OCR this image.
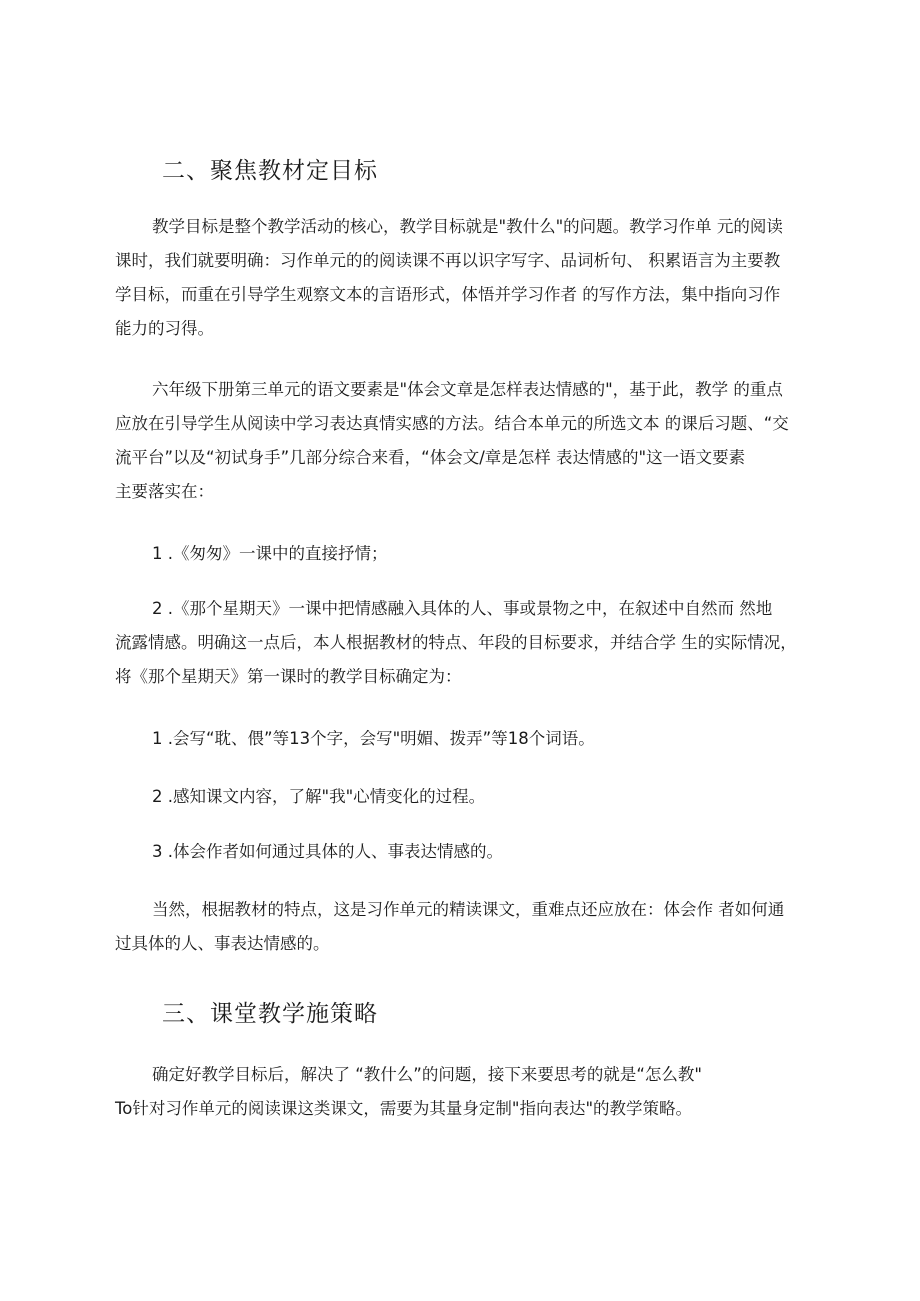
二、聚焦教材定目标
教学目标是整个教学活动的核心，教学目标就是"教什么"的问题。教学习作单 元的阅读
课时，我们就要明确：习作单元的的阅读课不再以识字写字、品词析句、 积累语言为主要教
学目标，而重在引导学生观察文本的言语形式，体悟并学习作者 的写作方法，集中指向习作
能力的习得。
六年级下册第三单元的语文要素是"体会文章是怎样表达情感的"，基于此，教学 的重点
应放在引导学生从阅读中学习表达真情实感的方法。结合本单元的所选文本 的课后习题、“交
流平台”以及“初试身手”几部分综合来看，“体会文/章是怎样 表达情感的"这一语文要素
主要落实在：
1 .《匆匆》一课中的直接抒情；
2 .《那个星期天》一课中把情感融入具体的人、事或景物之中，在叙述中自然而 然地
流露情感。明确这一点后，本人根据教材的特点、年段的目标要求，并结合学 生的实际情况，
将《那个星期天》第一课时的教学目标确定为：
1 .会写“耽、偎”等13个字，会写"明媚、拨弄”等18个词语。
2 .感知课文内容，了解"我"心情变化的过程。
3 .体会作者如何通过具体的人、事表达情感的。
当然，根据教材的特点，这是习作单元的精读课文，重难点还应放在：体会作 者如何通
过具体的人、事表达情感的。
三、课堂教学施策略
确定好教学目标后，解决了 “教什么”的问题，接下来要思考的就是“怎么教"
To针对习作单元的阅读课这类课文，需要为其量身定制"指向表达"的教学策略。
